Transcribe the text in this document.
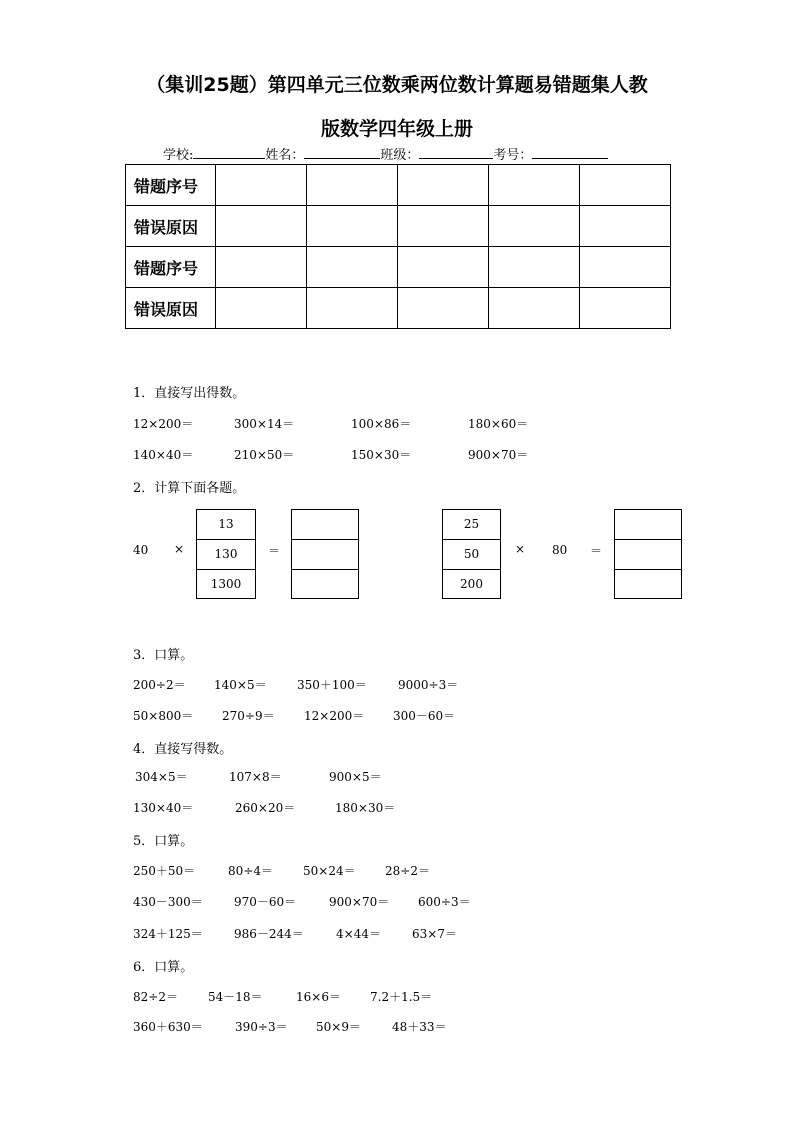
（集训25题）第四单元三位数乘两位数计算题易错题集人教
版数学四年级上册
学校:	姓名：	班级：	考号：
错题序号					
错误原因					
错题序号					
错误原因					
1．直接写出得数。
12×200＝	300×14＝	100×86＝	180×60＝
140×40＝	210×50＝	150×30＝	900×70＝
2．计算下面各题。
40 ×
13
130
1300
＝
25
50
200
× 80 ＝
3．口算。
200÷2＝ 140×5＝	350＋100＝	9000÷3＝
50×800＝ 270÷9＝ 12×200＝ 300－60＝
4．直接写得数。
304×5＝	107×8＝	900×5＝
130×40＝	260×20＝	180×30＝
5．口算。
250＋50＝	80÷4＝	50×24＝ 28÷2＝
430－300＝	970－60＝	900×70＝ 600÷3＝
324＋125＝	986－244＝	4×44＝	63×7＝
6．口算。
82÷2＝	54－18＝	16×6＝ 7.2＋1.5＝
360＋630＝	390÷3＝ 50×9＝	48＋33＝
